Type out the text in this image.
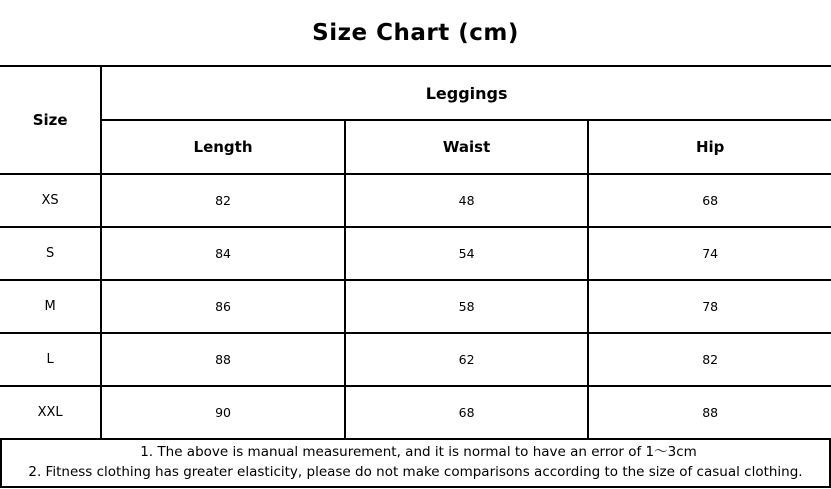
Size Chart (cm)
Size	Leggings		
	Length	Waist	Hip
XS	82	48	68
S	84	54	74
M	86	58	78
L	88	62	82
XXL	90	68	88
1. The above is manual measurement, and it is normal to have an error of 1～3cm
2. Fitness clothing has greater elasticity, please do not make comparisons according to the size of casual clothing.
